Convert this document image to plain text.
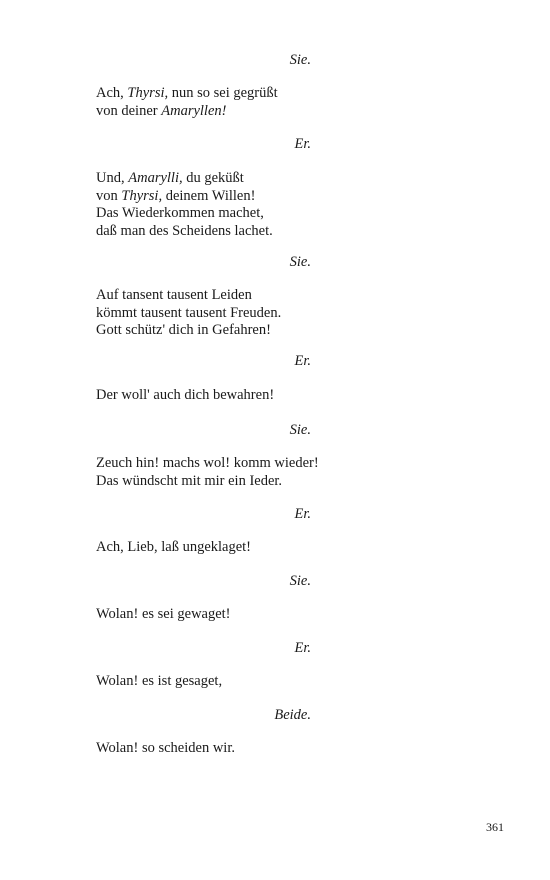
Sie.
Ach, Thyrsi, nun so sei gegrüßt
von deiner Amaryllen!
Er.
Und, Amarylli, du geküßt
von Thyrsi, deinem Willen!
Das Wiederkommen machet,
daß man des Scheidens lachet.
Sie.
Auf tansent tausent Leiden
kömmt tausent tausent Freuden.
Gott schütz' dich in Gefahren!
Er.
Der woll' auch dich bewahren!
Sie.
Zeuch hin! machs wol! komm wieder!
Das wündscht mit mir ein Ieder.
Er.
Ach, Lieb, laß ungeklaget!
Sie.
Wolan! es sei gewaget!
Er.
Wolan! es ist gesaget,
Beide.
Wolan! so scheiden wir.
361
